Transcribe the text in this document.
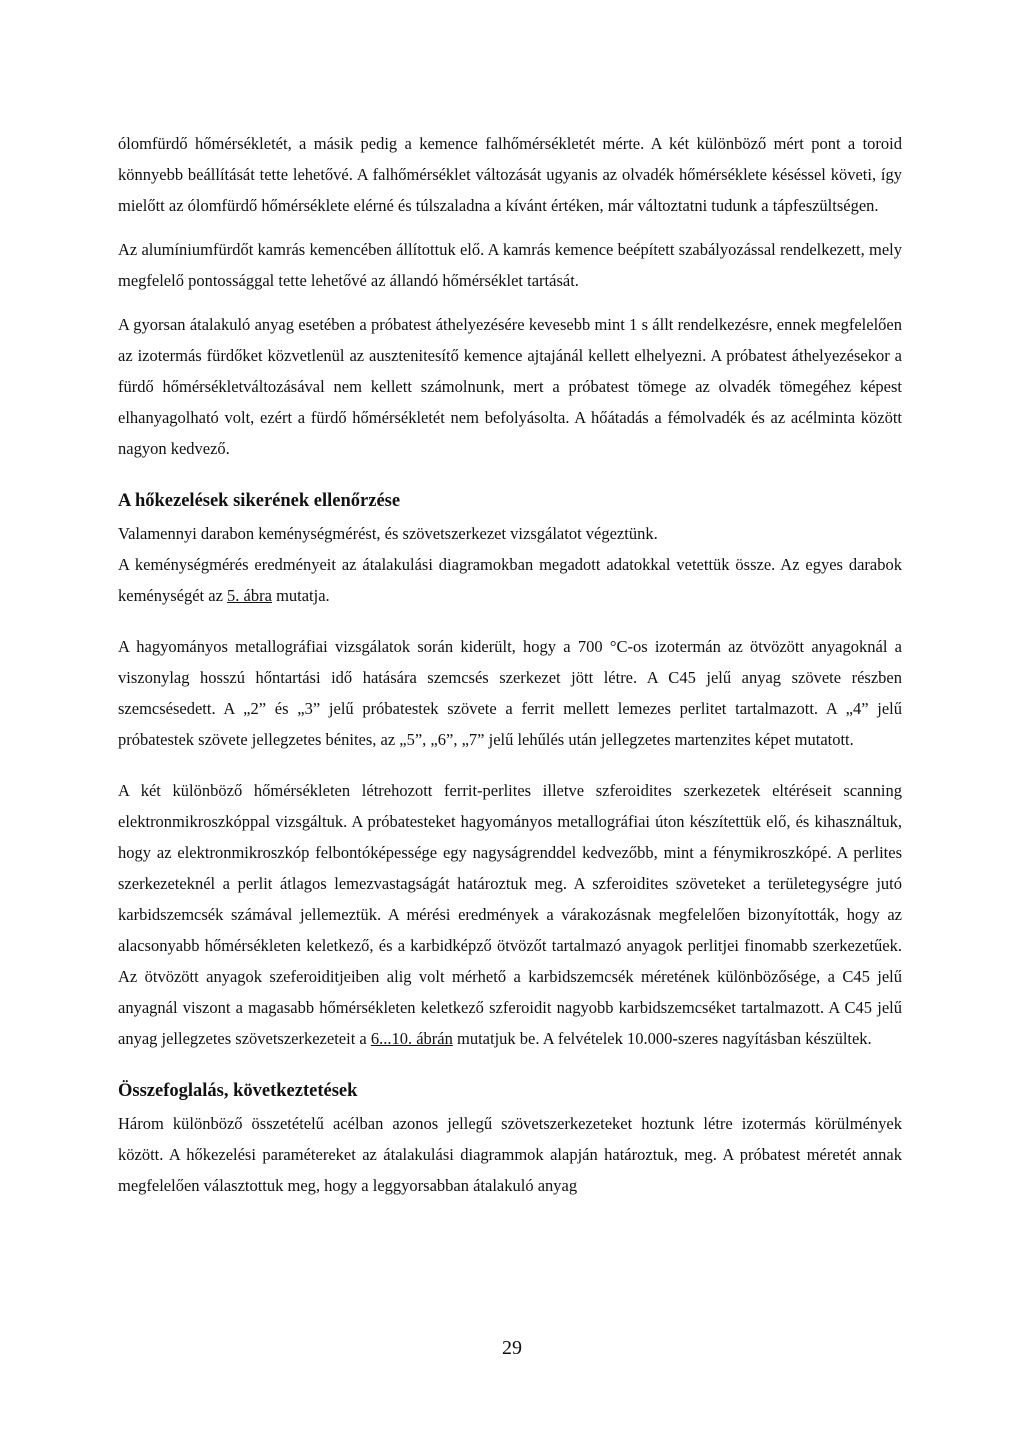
ólomfürdő hőmérsékletét, a másik pedig a kemence falhőmérsékletét mérte. A két különböző mért pont a toroid könnyebb beállítását tette lehetővé. A falhőmérséklet változását ugyanis az olvadék hőmérséklete késéssel követi, így mielőtt az ólomfürdő hőmérséklete elérné és túlszaladna a kívánt értéken, már változtatni tudunk a tápfeszültségen.

Az alumíniumfürdőt kamrás kemencében állítottuk elő. A kamrás kemence beépített szabályozással rendelkezett, mely megfelelő pontossággal tette lehetővé az állandó hőmérséklet tartását.

A gyorsan átalakuló anyag esetében a próbatest áthelyezésére kevesebb mint 1 s állt rendelkezésre, ennek megfelelően az izotermás fürdőket közvetlenül az ausztenitesítő kemence ajtajánál kellett elhelyezni. A próbatest áthelyezésekor a fürdő hőmérsékletváltozásával nem kellett számolnunk, mert a próbatest tömege az olvadék tömegéhez képest elhanyagolható volt, ezért a fürdő hőmérsékletét nem befolyásolta. A hőátadás a fémolvadék és az acélminta között nagyon kedvező.

A hőkezelések sikerének ellenőrzése

Valamennyi darabon keménységmérést, és szövetszerkezet vizsgálatot végeztünk.

A keménységmérés eredményeit az átalakulási diagramokban megadott adatokkal vetettük össze. Az egyes darabok keménységét az 5. ábra mutatja.

A hagyományos metallográfiai vizsgálatok során kiderült, hogy a 700 °C-os izotermán az ötvözött anyagoknál a viszonylag hosszú hőntartási idő hatására szemcsés szerkezet jött létre. A C45 jelű anyag szövete részben szemcsésedett. A „2” és „3” jelű próbatestek szövete a ferrit mellett lemezes perlitet tartalmazott. A „4” jelű próbatestek szövete jellegzetes bénites, az „5”, „6”, „7” jelű lehűlés után jellegzetes martenzites képet mutatott.

A két különböző hőmérsékleten létrehozott ferrit-perlites illetve szferoidites szerkezetek eltéréseit scanning elektronmikroszkóppal vizsgáltuk. A próbatesteket hagyományos metallográfiai úton készítettük elő, és kihasználtuk, hogy az elektronmikroszkóp felbontóképessége egy nagyságrenddel kedvezőbb, mint a fénymikroszkópé. A perlites szerkezeteknél a perlit átlagos lemezvastagságát határoztuk meg. A szferoidites szöveteket a területegységre jutó karbidszemcsék számával jellemeztük. A mérési eredmények a várakozásnak megfelelően bizonyították, hogy az alacsonyabb hőmérsékleten keletkező, és a karbidképző ötvözőt tartalmazó anyagok perlitjei finomabb szerkezetűek. Az ötvözött anyagok szeferoiditjeiben alig volt mérhető a karbidszemcsék méretének különbözősége, a C45 jelű anyagnál viszont a magasabb hőmérsékleten keletkező szferoidit nagyobb karbidszemcséket tartalmazott. A C45 jelű anyag jellegzetes szövetszerkezeteit a 6...10. ábrán mutatjuk be. A felvételek 10.000-szeres nagyításban készültek.

Összefoglalás, következtetések

Három különböző összetételű acélban azonos jellegű szövetszerkezeteket hoztunk létre izotermás körülmények között. A hőkezelési paramétereket az átalakulási diagrammok alapján határoztuk, meg. A próbatest méretét annak megfelelően választottuk meg, hogy a leggyorsabban átalakuló anyag

29
